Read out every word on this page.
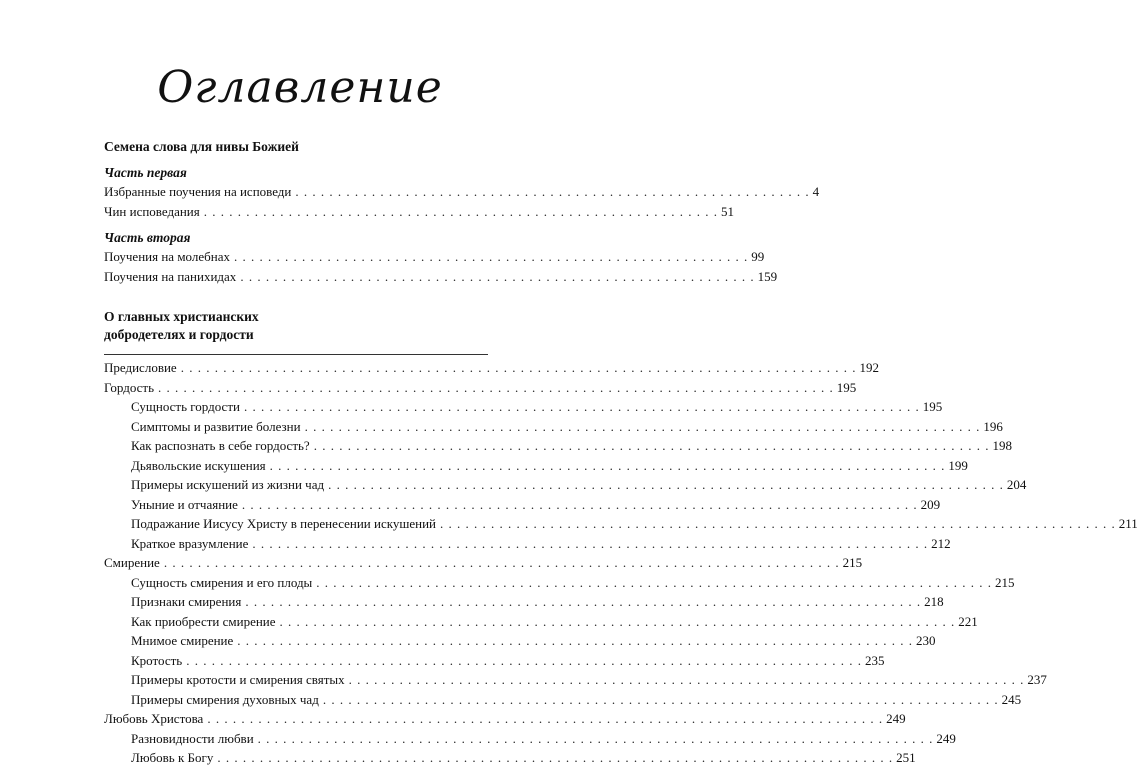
Оглавление
Семена слова для нивы Божией
Часть первая
Избранные поучения на исповеди . . . . . . . . . . . . . . . . . . . . . . . . . . . . . . . . . . . . . . . . . . . . . . . . . . . . . . . . . . . . . 4
Чин исповедания . . . . . . . . . . . . . . . . . . . . . . . . . . . . . . . . . . . . . . . . . . . . . . . . . . . . . . . . . . . . . 51
Часть вторая
Поучения на молебнах . . . . . . . . . . . . . . . . . . . . . . . . . . . . . . . . . . . . . . . . . . . . . . . . . . . . . . . . . . . . . 99
Поучения на панихидах . . . . . . . . . . . . . . . . . . . . . . . . . . . . . . . . . . . . . . . . . . . . . . . . . . . . . . . . . . . . . 159
О главных христианских
добродетелях и гордости
Предисловие . . . . . . . . . . . . . . . . . . . . . . . . . . . . . . . . . . . . . . . . . . . . . . . . . . . . . . . . . . . . . . . . . . . . . . . . . . . . . . . . 192
Гордость . . . . . . . . . . . . . . . . . . . . . . . . . . . . . . . . . . . . . . . . . . . . . . . . . . . . . . . . . . . . . . . . . . . . . . . . . . . . . . . . 195
Сущность гордости . . . . . . . . . . . . . . . . . . . . . . . . . . . . . . . . . . . . . . . . . . . . . . . . . . . . . . . . . . . . . . . . . . . . . . . . . . . . . . . . 195
Симптомы и развитие болезни . . . . . . . . . . . . . . . . . . . . . . . . . . . . . . . . . . . . . . . . . . . . . . . . . . . . . . . . . . . . . . . . . . . . . . . . . . . . . . . . 196
Как распознать в себе гордость? . . . . . . . . . . . . . . . . . . . . . . . . . . . . . . . . . . . . . . . . . . . . . . . . . . . . . . . . . . . . . . . . . . . . . . . . . . . . . . . . 198
Дьявольские искушения . . . . . . . . . . . . . . . . . . . . . . . . . . . . . . . . . . . . . . . . . . . . . . . . . . . . . . . . . . . . . . . . . . . . . . . . . . . . . . . . 199
Примеры искушений из жизни чад . . . . . . . . . . . . . . . . . . . . . . . . . . . . . . . . . . . . . . . . . . . . . . . . . . . . . . . . . . . . . . . . . . . . . . . . . . . . . . . . 204
Уныние и отчаяние . . . . . . . . . . . . . . . . . . . . . . . . . . . . . . . . . . . . . . . . . . . . . . . . . . . . . . . . . . . . . . . . . . . . . . . . . . . . . . . . 209
Подражание Иисусу Христу в перенесении искушений . . . . . . . . . . . . . . . . . . . . . . . . . . . . . . . . . . . . . . . . . . . . . . . . . . . . . . . . . . . . . . . . . . . . . . . . . . . . . . . . 211
Краткое вразумление . . . . . . . . . . . . . . . . . . . . . . . . . . . . . . . . . . . . . . . . . . . . . . . . . . . . . . . . . . . . . . . . . . . . . . . . . . . . . . . . 212
Смирение . . . . . . . . . . . . . . . . . . . . . . . . . . . . . . . . . . . . . . . . . . . . . . . . . . . . . . . . . . . . . . . . . . . . . . . . . . . . . . . . 215
Сущность смирения и его плоды . . . . . . . . . . . . . . . . . . . . . . . . . . . . . . . . . . . . . . . . . . . . . . . . . . . . . . . . . . . . . . . . . . . . . . . . . . . . . . . . 215
Признаки смирения . . . . . . . . . . . . . . . . . . . . . . . . . . . . . . . . . . . . . . . . . . . . . . . . . . . . . . . . . . . . . . . . . . . . . . . . . . . . . . . . 218
Как приобрести смирение . . . . . . . . . . . . . . . . . . . . . . . . . . . . . . . . . . . . . . . . . . . . . . . . . . . . . . . . . . . . . . . . . . . . . . . . . . . . . . . . 221
Мнимое смирение . . . . . . . . . . . . . . . . . . . . . . . . . . . . . . . . . . . . . . . . . . . . . . . . . . . . . . . . . . . . . . . . . . . . . . . . . . . . . . . . 230
Кротость . . . . . . . . . . . . . . . . . . . . . . . . . . . . . . . . . . . . . . . . . . . . . . . . . . . . . . . . . . . . . . . . . . . . . . . . . . . . . . . . 235
Примеры кротости и смирения святых . . . . . . . . . . . . . . . . . . . . . . . . . . . . . . . . . . . . . . . . . . . . . . . . . . . . . . . . . . . . . . . . . . . . . . . . . . . . . . . . 237
Примеры смирения духовных чад . . . . . . . . . . . . . . . . . . . . . . . . . . . . . . . . . . . . . . . . . . . . . . . . . . . . . . . . . . . . . . . . . . . . . . . . . . . . . . . . 245
Любовь Христова . . . . . . . . . . . . . . . . . . . . . . . . . . . . . . . . . . . . . . . . . . . . . . . . . . . . . . . . . . . . . . . . . . . . . . . . . . . . . . . . 249
Разновидности любви . . . . . . . . . . . . . . . . . . . . . . . . . . . . . . . . . . . . . . . . . . . . . . . . . . . . . . . . . . . . . . . . . . . . . . . . . . . . . . . . 249
Любовь к Богу . . . . . . . . . . . . . . . . . . . . . . . . . . . . . . . . . . . . . . . . . . . . . . . . . . . . . . . . . . . . . . . . . . . . . . . . . . . . . . . . 251
